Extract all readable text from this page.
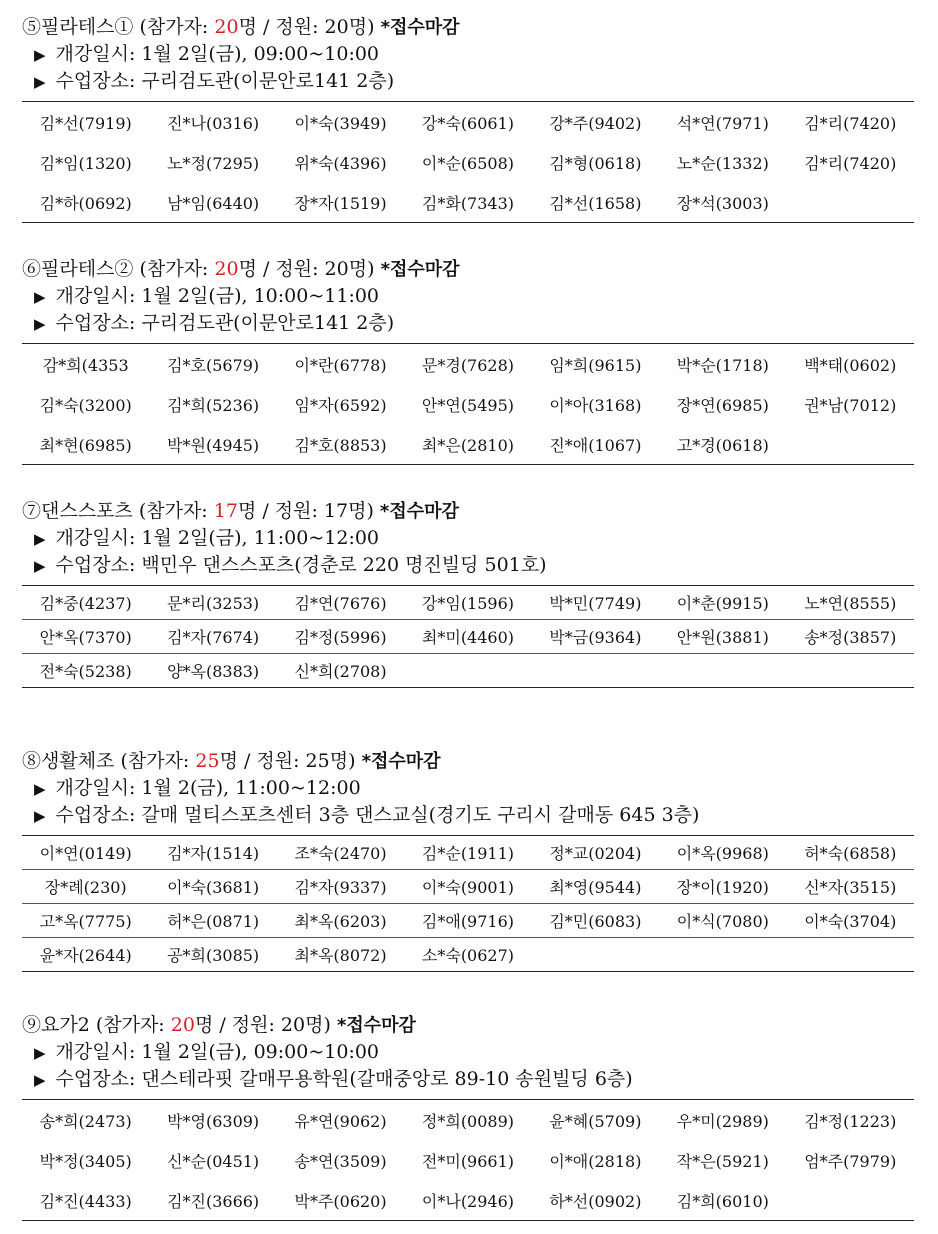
⑤필라테스① (참가자: 20명 / 정원: 20명) *접수마감
▶ 개강일시: 1월 2일(금), 09:00~10:00
▶ 수업장소: 구리검도관(이문안로141 2층)
김*선(7919)	진*나(0316)	이*숙(3949)	강*숙(6061)	강*주(9402)	석*연(7971)	김*리(7420)
김*임(1320)	노*정(7295)	위*숙(4396)	이*순(6508)	김*형(0618)	노*순(1332)	김*리(7420)
김*하(0692)	남*임(6440)	장*자(1519)	김*화(7343)	김*선(1658)	장*석(3003)	
⑥필라테스② (참가자: 20명 / 정원: 20명) *접수마감
▶ 개강일시: 1월 2일(금), 10:00~11:00
▶ 수업장소: 구리검도관(이문안로141 2층)
감*희(4353	김*호(5679)	이*란(6778)	문*경(7628)	임*희(9615)	박*순(1718)	백*태(0602)
김*숙(3200)	김*희(5236)	임*자(6592)	안*연(5495)	이*아(3168)	장*연(6985)	권*남(7012)
최*현(6985)	박*원(4945)	김*호(8853)	최*은(2810)	진*애(1067)	고*경(0618)	
⑦댄스스포츠 (참가자: 17명 / 정원: 17명) *접수마감
▶ 개강일시: 1월 2일(금), 11:00~12:00
▶ 수업장소: 백민우 댄스스포츠(경춘로 220 명진빌딩 501호)
김*중(4237)	문*리(3253)	김*연(7676)	강*임(1596)	박*민(7749)	이*춘(9915)	노*연(8555)
안*옥(7370)	김*자(7674)	김*정(5996)	최*미(4460)	박*금(9364)	안*원(3881)	송*정(3857)
전*숙(5238)	양*옥(8383)	신*희(2708)				
⑧생활체조 (참가자: 25명 / 정원: 25명) *접수마감
▶ 개강일시: 1월 2(금), 11:00~12:00
▶ 수업장소: 갈매 멀티스포츠센터 3층 댄스교실(경기도 구리시 갈매동 645 3층)
이*연(0149)	김*자(1514)	조*숙(2470)	김*순(1911)	정*교(0204)	이*옥(9968)	허*숙(6858)
장*례(230)	이*숙(3681)	김*자(9337)	이*숙(9001)	최*영(9544)	장*이(1920)	신*자(3515)
고*옥(7775)	허*은(0871)	최*옥(6203)	김*애(9716)	김*민(6083)	이*식(7080)	이*숙(3704)
윤*자(2644)	공*희(3085)	최*옥(8072)	소*숙(0627)			
⑨요가2 (참가자: 20명 / 정원: 20명) *접수마감
▶ 개강일시: 1월 2일(금), 09:00~10:00
▶ 수업장소: 댄스테라핏 갈매무용학원(갈매중앙로 89-10 송원빌딩 6층)
송*희(2473)	박*영(6309)	유*연(9062)	정*희(0089)	윤*혜(5709)	우*미(2989)	김*정(1223)
박*정(3405)	신*순(0451)	송*연(3509)	전*미(9661)	이*애(2818)	작*은(5921)	엄*주(7979)
김*진(4433)	김*진(3666)	박*주(0620)	이*나(2946)	하*선(0902)	김*희(6010)	
